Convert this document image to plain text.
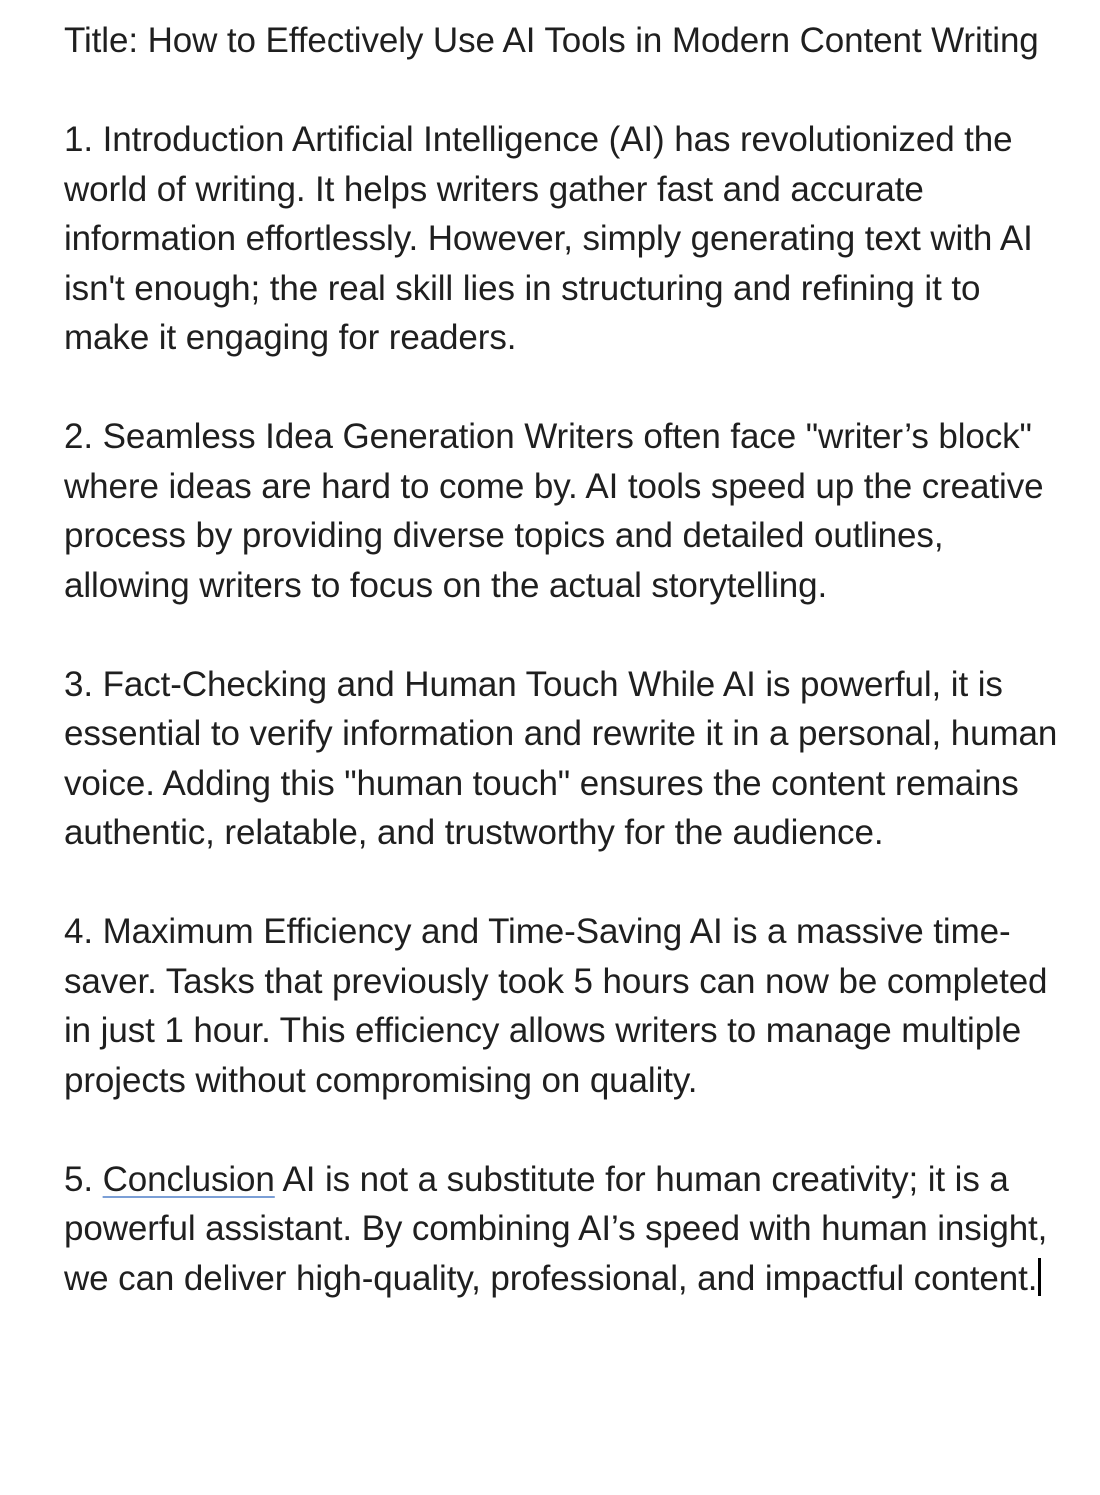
Title: How to Effectively Use AI Tools in Modern Content Writing

1. Introduction Artificial Intelligence (AI) has revolutionized the world of writing. It helps writers gather fast and accurate information effortlessly. However, simply generating text with AI isn't enough; the real skill lies in structuring and refining it to make it engaging for readers.

2. Seamless Idea Generation Writers often face "writer’s block" where ideas are hard to come by. AI tools speed up the creative process by providing diverse topics and detailed outlines, allowing writers to focus on the actual storytelling.

3. Fact-Checking and Human Touch While AI is powerful, it is essential to verify information and rewrite it in a personal, human voice. Adding this "human touch" ensures the content remains authentic, relatable, and trustworthy for the audience.

4. Maximum Efficiency and Time-Saving AI is a massive time-saver. Tasks that previously took 5 hours can now be completed in just 1 hour. This efficiency allows writers to manage multiple projects without compromising on quality.

5. Conclusion AI is not a substitute for human creativity; it is a powerful assistant. By combining AI’s speed with human insight, we can deliver high-quality, professional, and impactful content.
